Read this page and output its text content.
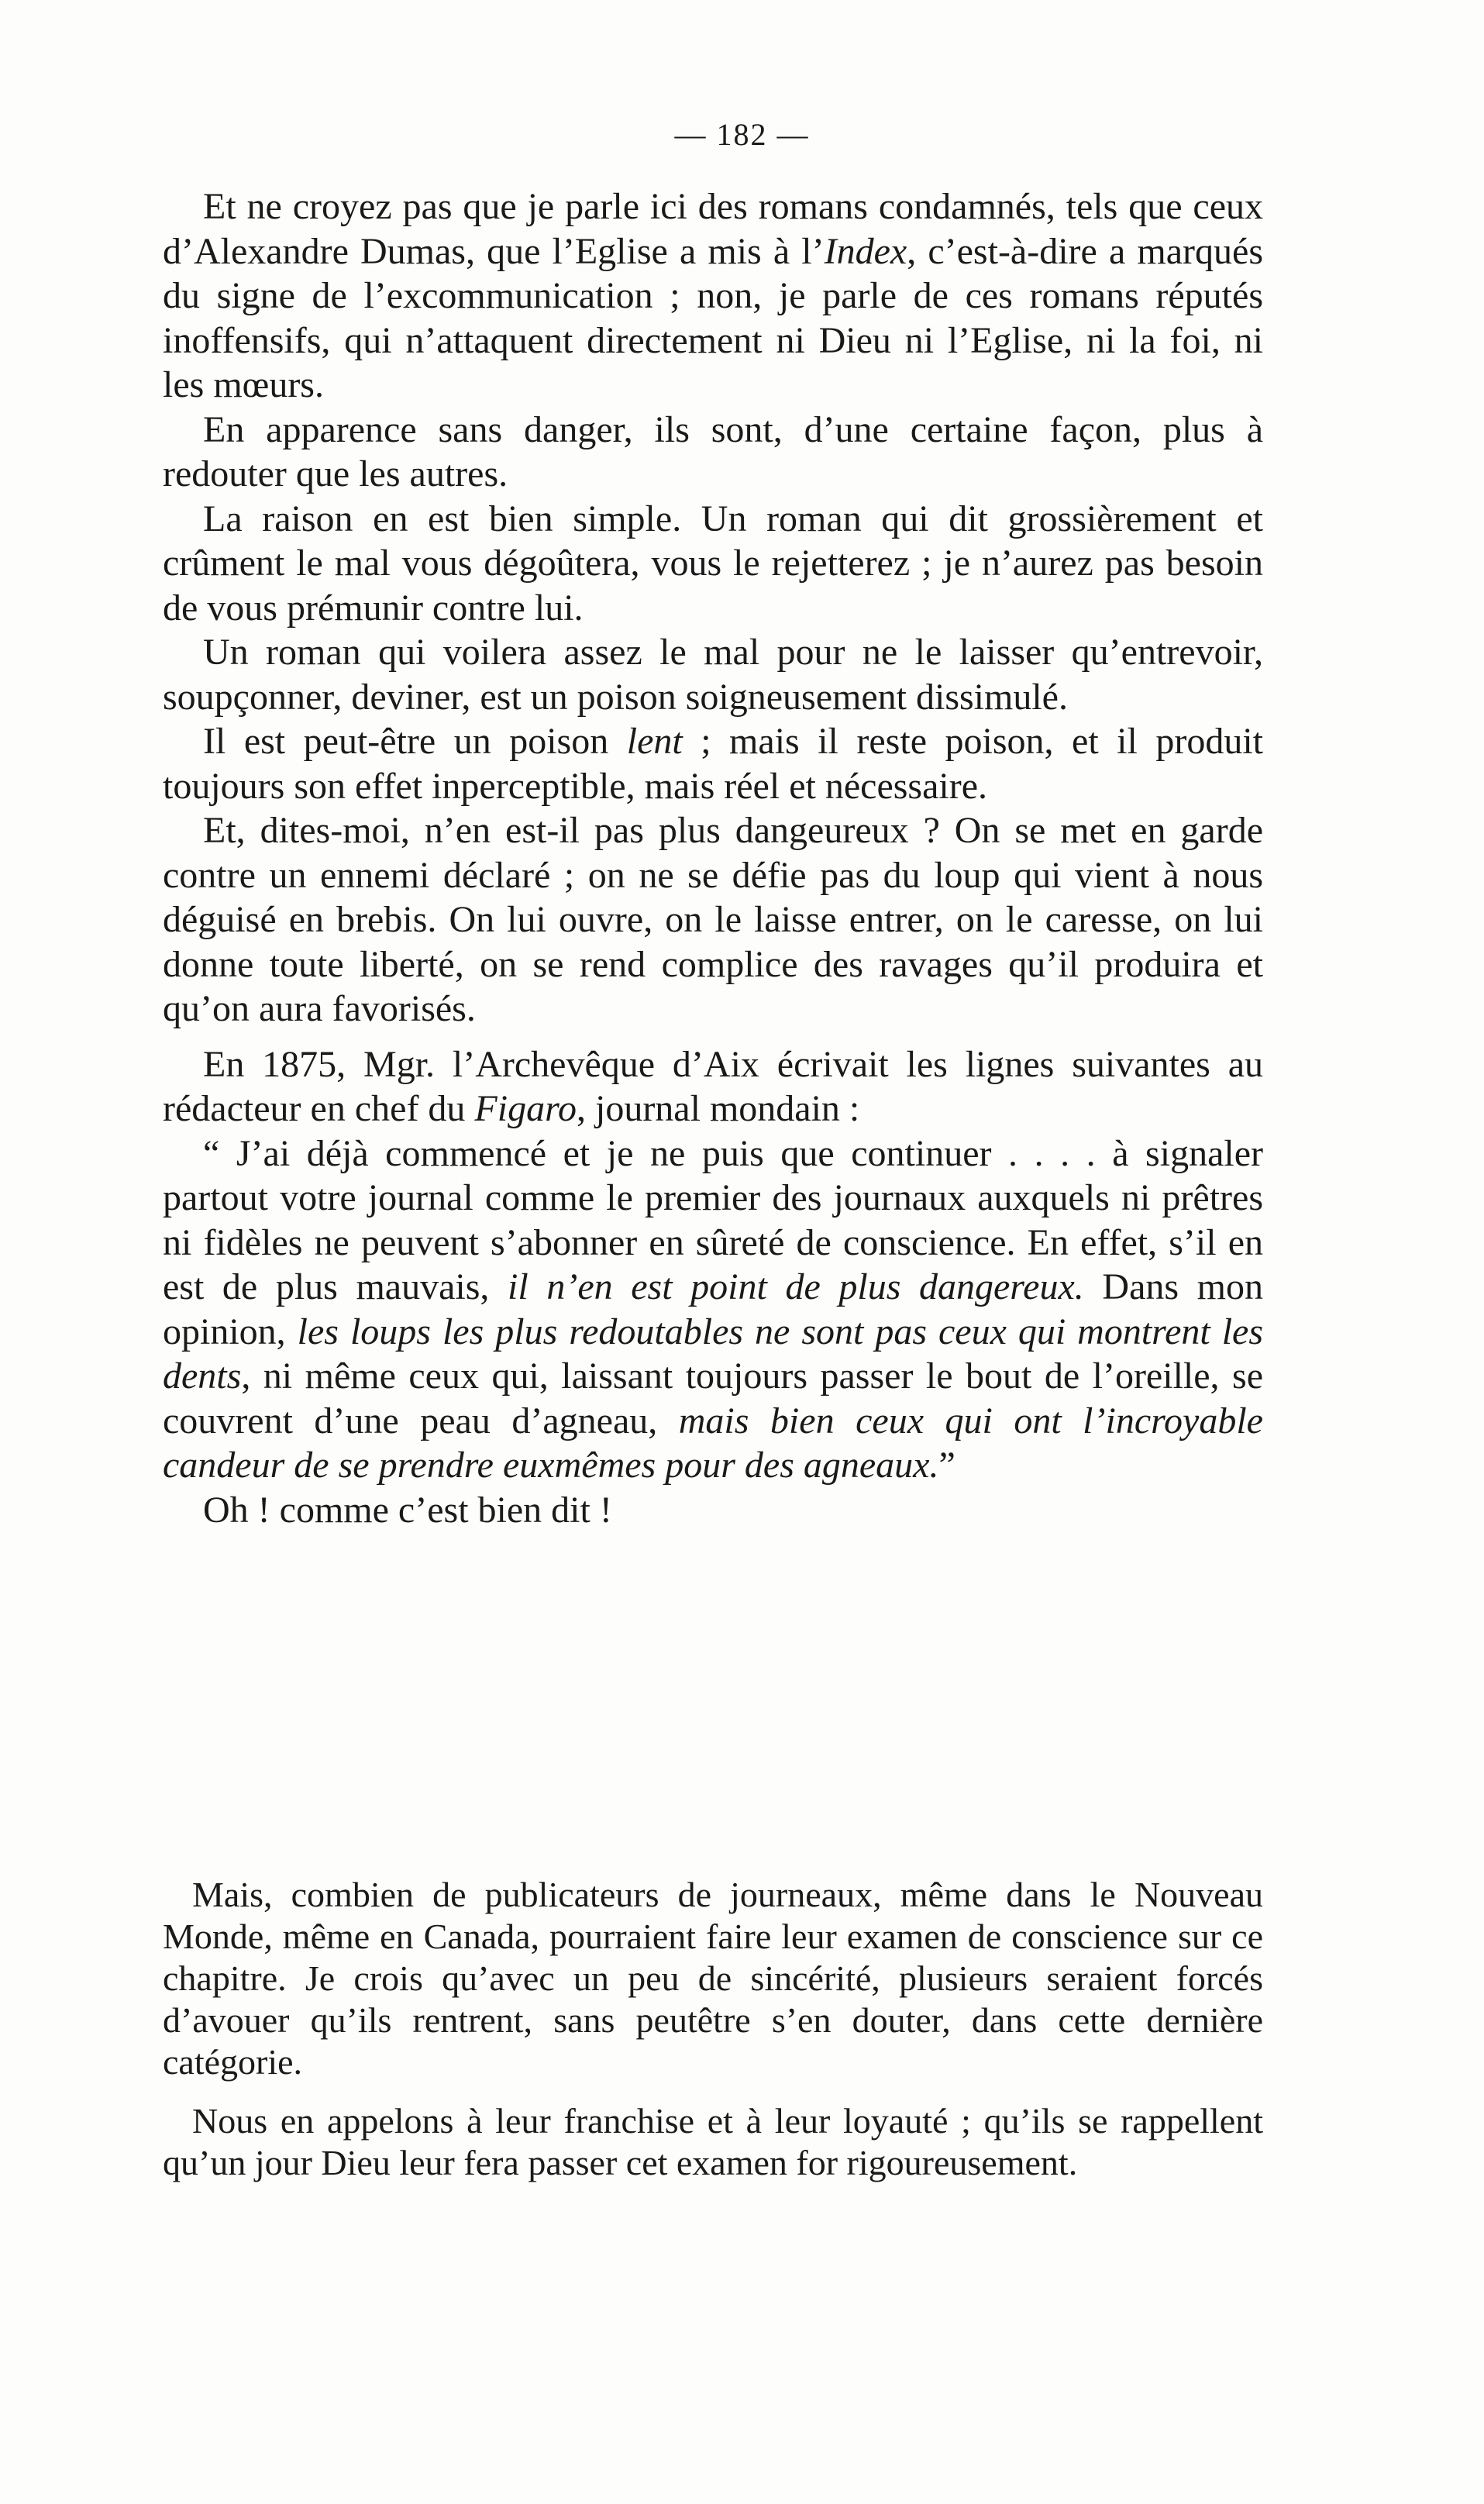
— 182 —

Et ne croyez pas que je parle ici des romans condamnés, tels que ceux d’Alexandre Dumas, que l’Eglise a mis à l’Index, c’est-à-dire a marqués du signe de l’excommunication ; non, je parle de ces romans réputés inoffensifs, qui n’attaquent directement ni Dieu ni l’Eglise, ni la foi, ni les mœurs.

En apparence sans danger, ils sont, d’une certaine façon, plus à redouter que les autres.

La raison en est bien simple. Un roman qui dit grossièrement et crûment le mal vous dégoûtera, vous le rejetterez ; je n’aurez pas besoin de vous prémunir contre lui.

Un roman qui voilera assez le mal pour ne le laisser qu’entrevoir, soupçonner, deviner, est un poison soigneusement dissimulé.

Il est peut-être un poison lent ; mais il reste poison, et il produit toujours son effet inperceptible, mais réel et nécessaire.

Et, dites-moi, n’en est-il pas plus dangeureux ? On se met en garde contre un ennemi déclaré ; on ne se défie pas du loup qui vient à nous déguisé en brebis. On lui ouvre, on le laisse entrer, on le caresse, on lui donne toute liberté, on se rend complice des ravages qu’il produira et qu’on aura favorisés.

En 1875, Mgr. l’Archevêque d’Aix écrivait les lignes suivantes au rédacteur en chef du Figaro, journal mondain :

“ J’ai déjà commencé et je ne puis que continuer . . . . à signaler partout votre journal comme le premier des journaux auxquels ni prêtres ni fidèles ne peuvent s’abonner en sûreté de conscience. En effet, s’il en est de plus mauvais, il n’en est point de plus dangereux. Dans mon opinion, les loups les plus redoutables ne sont pas ceux qui montrent les dents, ni même ceux qui, laissant toujours passer le bout de l’oreille, se couvrent d’une peau d’agneau, mais bien ceux qui ont l’incroyable candeur de se prendre euxmêmes pour des agneaux.”

Oh ! comme c’est bien dit !

Mais, combien de publicateurs de journeaux, même dans le Nouveau Monde, même en Canada, pourraient faire leur examen de conscience sur ce chapitre. Je crois qu’avec un peu de sincérité, plusieurs seraient forcés d’avouer qu’ils rentrent, sans peutêtre s’en douter, dans cette dernière catégorie.

Nous en appelons à leur franchise et à leur loyauté ; qu’ils se rappellent qu’un jour Dieu leur fera passer cet examen for rigoureusement.
